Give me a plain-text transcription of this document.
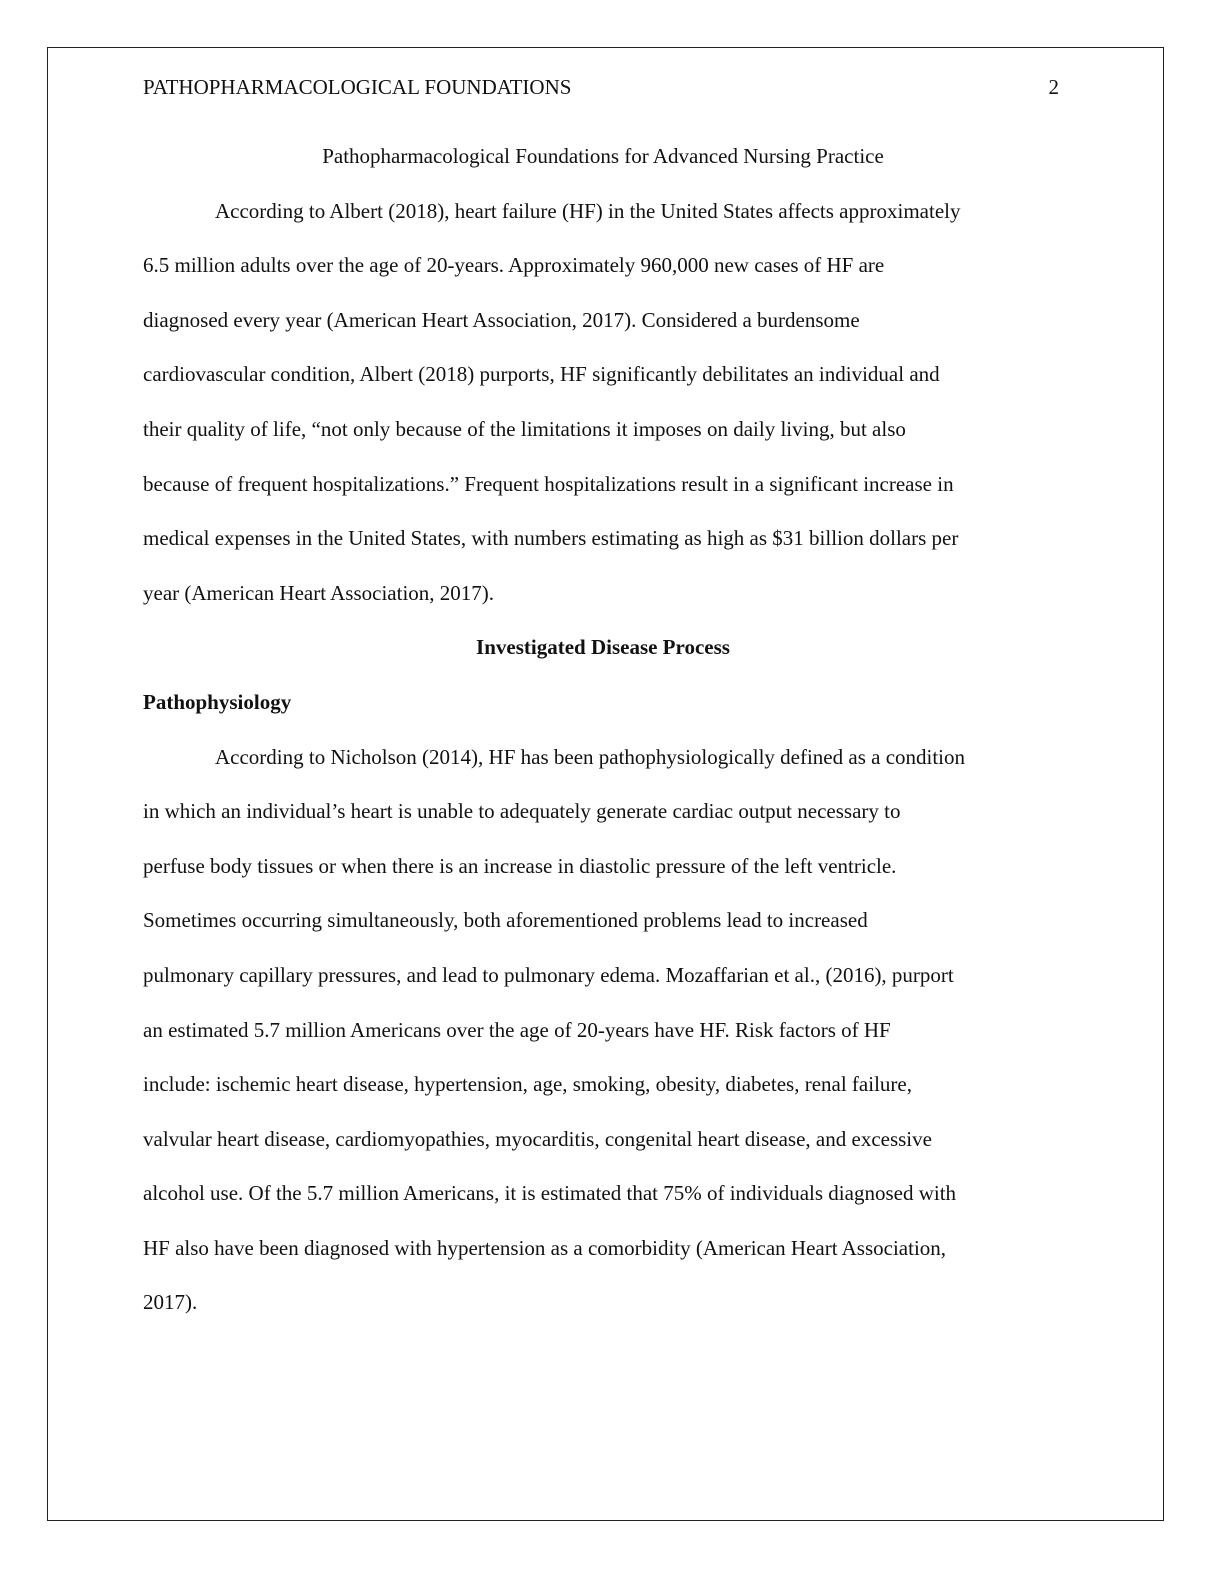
PATHOPHARMACOLOGICAL FOUNDATIONS	2
Pathopharmacological Foundations for Advanced Nursing Practice
According to Albert (2018), heart failure (HF) in the United States affects approximately
6.5 million adults over the age of 20-years. Approximately 960,000 new cases of HF are
diagnosed every year (American Heart Association, 2017). Considered a burdensome
cardiovascular condition, Albert (2018) purports, HF significantly debilitates an individual and
their quality of life, “not only because of the limitations it imposes on daily living, but also
because of frequent hospitalizations.” Frequent hospitalizations result in a significant increase in
medical expenses in the United States, with numbers estimating as high as $31 billion dollars per
year (American Heart Association, 2017).
Investigated Disease Process
Pathophysiology
According to Nicholson (2014), HF has been pathophysiologically defined as a condition
in which an individual’s heart is unable to adequately generate cardiac output necessary to
perfuse body tissues or when there is an increase in diastolic pressure of the left ventricle.
Sometimes occurring simultaneously, both aforementioned problems lead to increased
pulmonary capillary pressures, and lead to pulmonary edema. Mozaffarian et al., (2016), purport
an estimated 5.7 million Americans over the age of 20-years have HF. Risk factors of HF
include: ischemic heart disease, hypertension, age, smoking, obesity, diabetes, renal failure,
valvular heart disease, cardiomyopathies, myocarditis, congenital heart disease, and excessive
alcohol use. Of the 5.7 million Americans, it is estimated that 75% of individuals diagnosed with
HF also have been diagnosed with hypertension as a comorbidity (American Heart Association,
2017).
